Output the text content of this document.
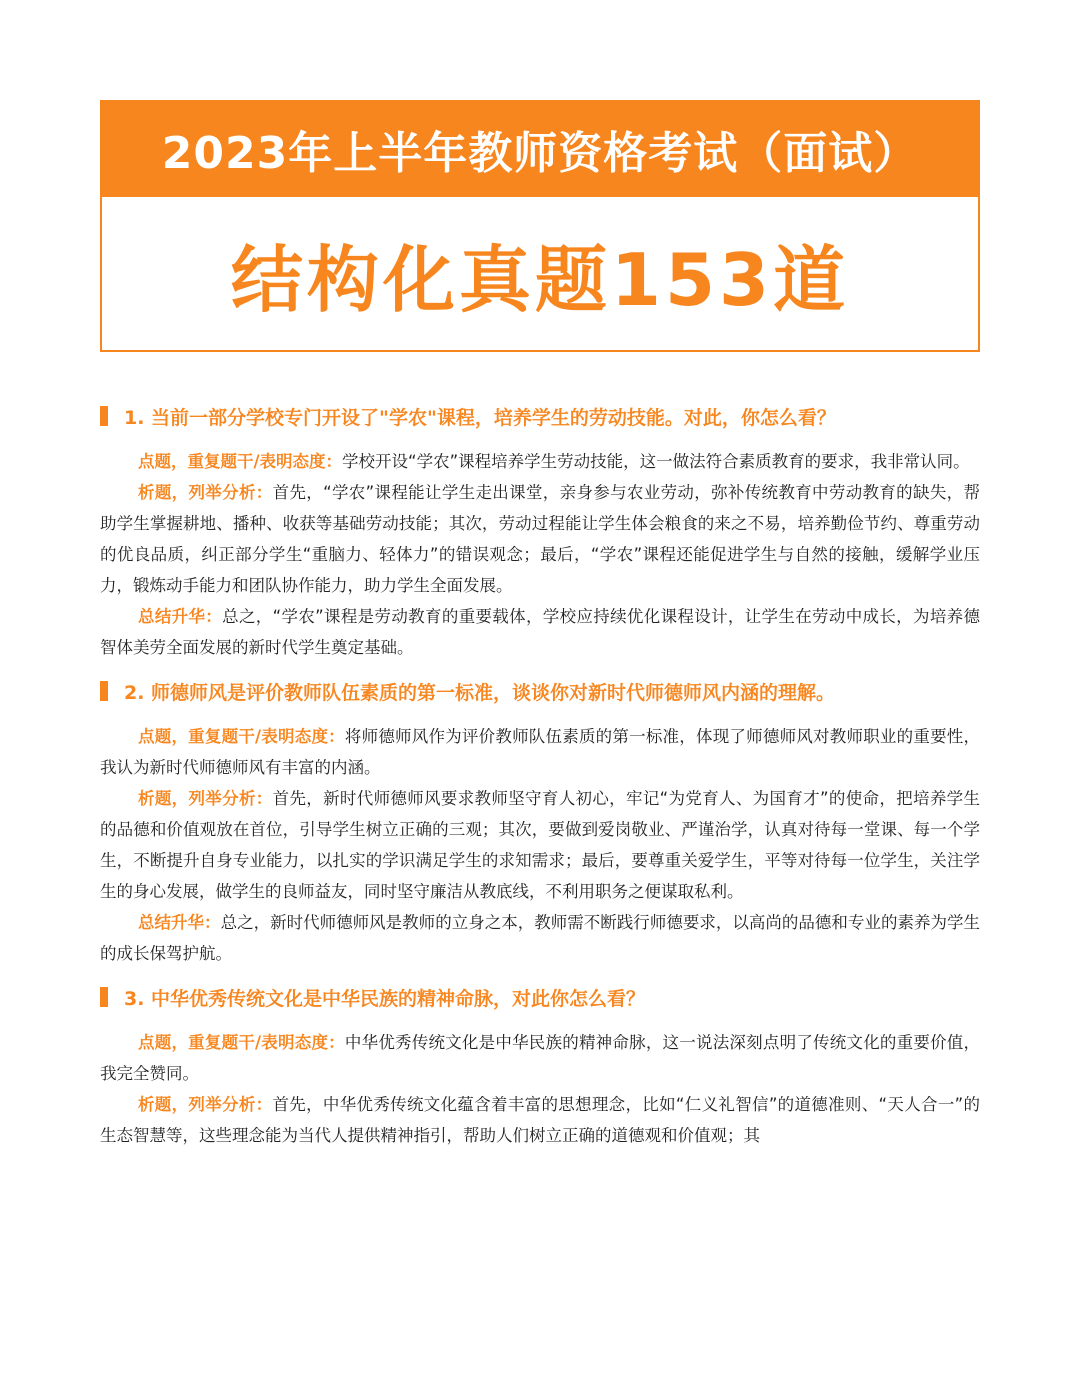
2023年上半年教师资格考试（面试）
结构化真题153道
1. 当前一部分学校专门开设了"学农"课程，培养学生的劳动技能。对此，你怎么看？

点题，重复题干/表明态度：学校开设“学农”课程培养学生劳动技能，这一做法符合素质教育的要求，我非常认同。

析题，列举分析：首先，“学农”课程能让学生走出课堂，亲身参与农业劳动，弥补传统教育中劳动教育的缺失，帮助学生掌握耕地、播种、收获等基础劳动技能；其次，劳动过程能让学生体会粮食的来之不易，培养勤俭节约、尊重劳动的优良品质，纠正部分学生“重脑力、轻体力”的错误观念；最后，“学农”课程还能促进学生与自然的接触，缓解学业压力，锻炼动手能力和团队协作能力，助力学生全面发展。

总结升华：总之，“学农”课程是劳动教育的重要载体，学校应持续优化课程设计，让学生在劳动中成长，为培养德智体美劳全面发展的新时代学生奠定基础。

2. 师德师风是评价教师队伍素质的第一标准，谈谈你对新时代师德师风内涵的理解。

点题，重复题干/表明态度：将师德师风作为评价教师队伍素质的第一标准，体现了师德师风对教师职业的重要性，我认为新时代师德师风有丰富的内涵。

析题，列举分析：首先，新时代师德师风要求教师坚守育人初心，牢记“为党育人、为国育才”的使命，把培养学生的品德和价值观放在首位，引导学生树立正确的三观；其次，要做到爱岗敬业、严谨治学，认真对待每一堂课、每一个学生，不断提升自身专业能力，以扎实的学识满足学生的求知需求；最后，要尊重关爱学生，平等对待每一位学生，关注学生的身心发展，做学生的良师益友，同时坚守廉洁从教底线，不利用职务之便谋取私利。

总结升华：总之，新时代师德师风是教师的立身之本，教师需不断践行师德要求，以高尚的品德和专业的素养为学生的成长保驾护航。

3. 中华优秀传统文化是中华民族的精神命脉，对此你怎么看？

点题，重复题干/表明态度：中华优秀传统文化是中华民族的精神命脉，这一说法深刻点明了传统文化的重要价值，我完全赞同。

析题，列举分析：首先，中华优秀传统文化蕴含着丰富的思想理念，比如“仁义礼智信”的道德准则、“天人合一”的生态智慧等，这些理念能为当代人提供精神指引，帮助人们树立正确的道德观和价值观；其
